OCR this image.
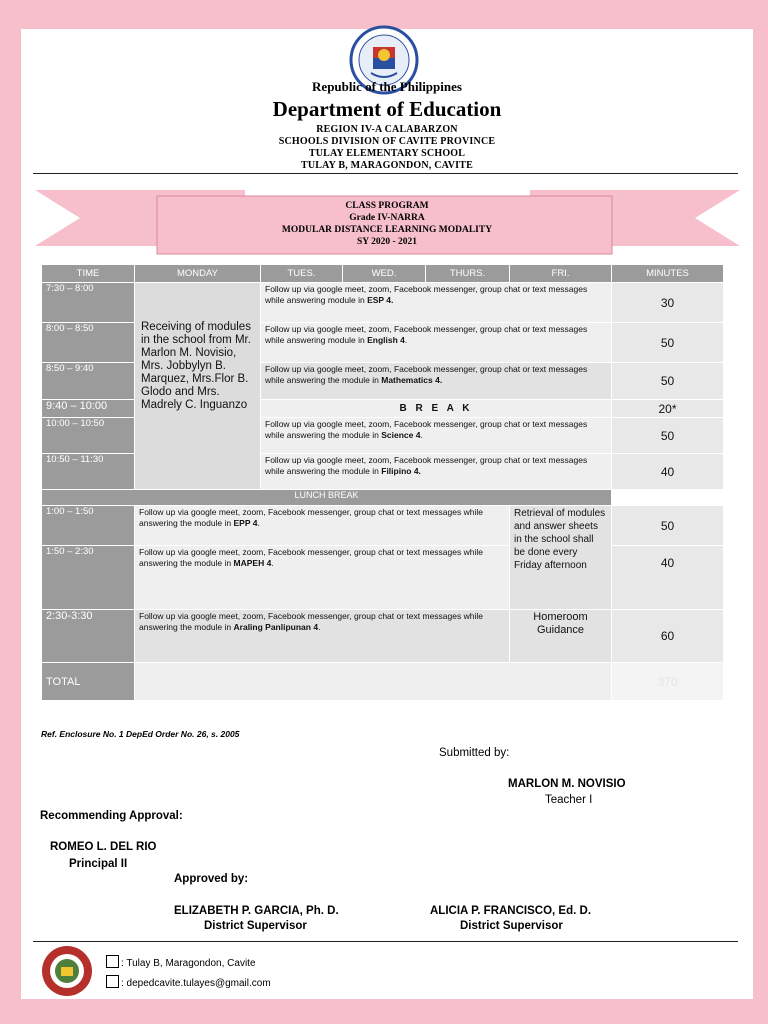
Republic of the Philippines
Department of Education
REGION IV-A CALABARZON
SCHOOLS DIVISION OF CAVITE PROVINCE
TULAY ELEMENTARY SCHOOL
TULAY B, MARAGONDON, CAVITE
CLASS PROGRAM
Grade IV-NARRA
MODULAR DISTANCE LEARNING MODALITY
SY 2020 - 2021
TIME	MONDAY	TUES.	WED.	THURS.	FRI.	MINUTES
7:30 – 8:00	Receiving of modules in the school from Mr. Marlon M. Novisio, Mrs. Jobbylyn B. Marquez, Mrs.Flor B. Glodo and Mrs. Madrely C. Inguanzo	Follow up via google meet, zoom, Facebook messenger, group chat or text messages while answering module in ESP 4.				30
8:00 – 8:50		Follow up via google meet, zoom, Facebook messenger, group chat or text messages while answering module in English 4.				50
8:50 – 9:40		Follow up via google meet, zoom, Facebook messenger, group chat or text messages while answering the module in Mathematics 4.				50
9:40 – 10:00		B R E A K				20*
10:00 – 10:50		Follow up via google meet, zoom, Facebook messenger, group chat or text messages while answering the module in Science 4.				50
10:50 – 11:30		Follow up via google meet, zoom, Facebook messenger, group chat or text messages while answering the module in Filipino 4.				40
LUNCH BREAK						
1:00 – 1:50	Follow up via google meet, zoom, Facebook messenger, group chat or text messages while answering the module in EPP 4.				Retrieval of modules and answer sheets in the school shall be done every Friday afternoon	50
1:50 – 2:30	Follow up via google meet, zoom, Facebook messenger, group chat or text messages while answering the module in MAPEH 4.					40
2:30-3:30	Follow up via google meet, zoom, Facebook messenger, group chat or text messages while answering the module in Araling Panlipunan 4.				Homeroom Guidance	60
TOTAL						370
Ref. Enclosure No. 1 DepEd Order No. 26, s. 2005
Submitted by:
MARLON M. NOVISIO
Teacher I
Recommending Approval:
ROMEO L. DEL RIO
Principal II
Approved by:
ELIZABETH P. GARCIA, Ph. D.
District Supervisor
ALICIA P. FRANCISCO, Ed. D.
District Supervisor
: Tulay B, Maragondon, Cavite
: depedcavite.tulayes@gmail.com
